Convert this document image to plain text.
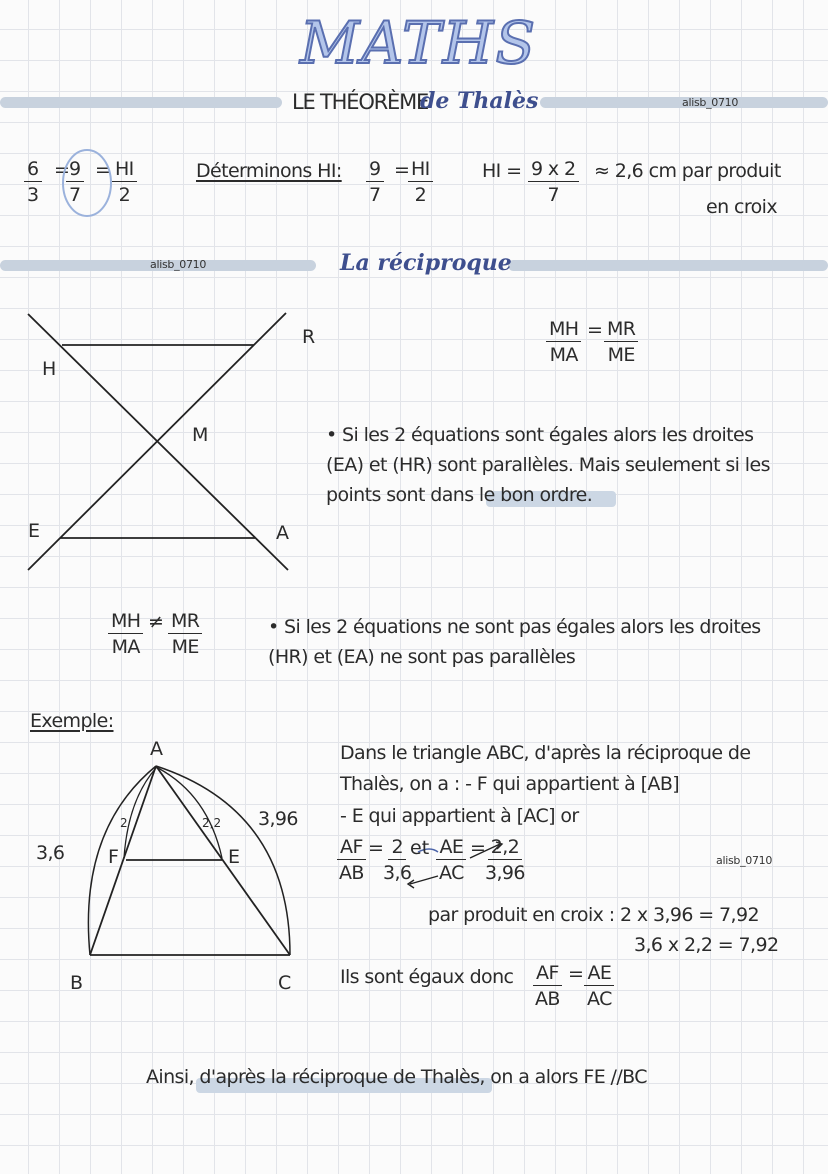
MATHS
LE THÉORÈME
de Thalès	alisb_0710
$\frac{6}{3}$ =
$\frac{9}{7} = \frac{HI}{2}$	Déterminons HI: $\frac{9}{7}$ =
$\frac{HI}{2}$	HI = $\frac{9 x 2}{7} \approx 2,6$ cm par produit
en croix
alisb_0710	La réciproque
H
R
M
E	A
$\frac{MH}{MA} = \frac{MR}{ME}$
• Si les 2 équations sont égales alors les droites
(EA) et (HR) sont parallèles. Mais seulement si les
points sont dans le bon ordre.
$\frac{MH}{MA} \ne \frac{MR}{ME}$	• Si les 2 équations ne sont pas égales alors les droites
(HR) et (EA) ne sont pas parallèles
Exemple:
A
B	C
F	E
2	2,2
3,6
3,96
Dans le triangle ABC, d'après la réciproque de
Thalès, on a : - F qui appartient à [AB]
- E qui appartient à [AC] or
$\frac{AF}{AB}$ =
$\frac{2}{3,6}$
et $\frac{AE}{AC}$ =
$\frac{2,2}{3,96}$	alisb_0710
par produit en croix : 2 x 3,96 = 7,92
3,6 x 2,2 = 7,92
Ils sont égaux donc $\frac{AF}{AB} = \frac{AE}{AC}$
Ainsi, d'après la réciproque de Thalès, on a alors FE //BC
